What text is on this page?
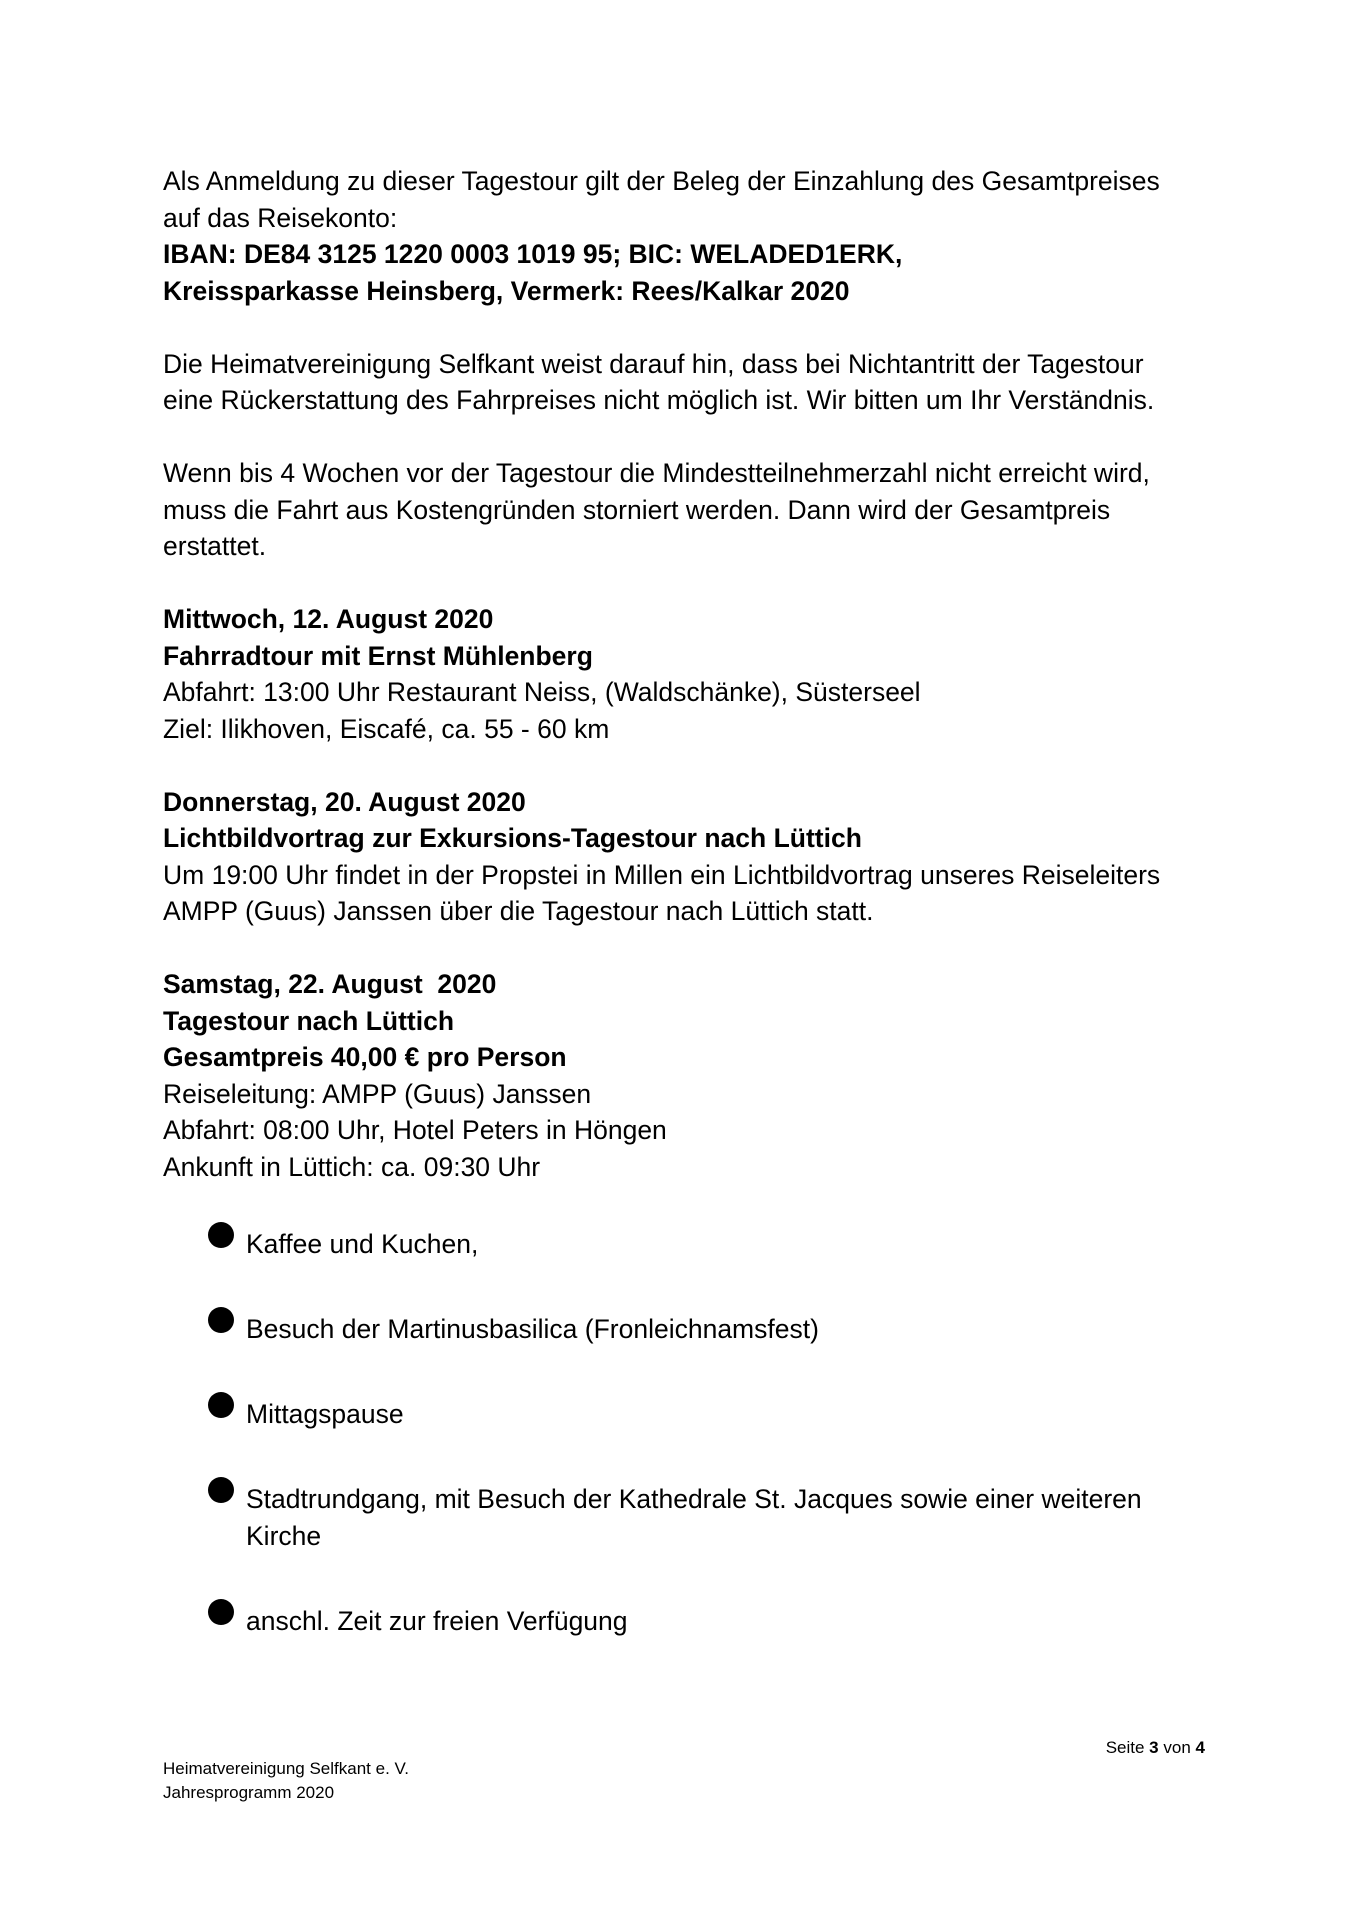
Als Anmeldung zu dieser Tagestour gilt der Beleg der Einzahlung des Gesamtpreises

auf das Reisekonto:

IBAN: DE84 3125 1220 0003 1019 95; BIC: WELADED1ERK,

Kreissparkasse Heinsberg, Vermerk: Rees/Kalkar 2020

Die Heimatvereinigung Selfkant weist darauf hin, dass bei Nichtantritt der Tagestour

eine Rückerstattung des Fahrpreises nicht möglich ist. Wir bitten um Ihr Verständnis.

Wenn bis 4 Wochen vor der Tagestour die Mindestteilnehmerzahl nicht erreicht wird,

muss die Fahrt aus Kostengründen storniert werden. Dann wird der Gesamtpreis

erstattet.

Mittwoch, 12. August 2020

Fahrradtour mit Ernst Mühlenberg

Abfahrt: 13:00 Uhr Restaurant Neiss, (Waldschänke), Süsterseel

Ziel: Ilikhoven, Eiscafé, ca. 55 - 60 km

Donnerstag, 20. August 2020

Lichtbildvortrag zur Exkursions-Tagestour nach Lüttich

Um 19:00 Uhr findet in der Propstei in Millen ein Lichtbildvortrag unseres Reiseleiters

AMPP (Guus) Janssen über die Tagestour nach Lüttich statt.

Samstag, 22. August  2020

Tagestour nach Lüttich

Gesamtpreis 40,00 € pro Person

Reiseleitung: AMPP (Guus) Janssen

Abfahrt: 08:00 Uhr, Hotel Peters in Höngen

Ankunft in Lüttich: ca. 09:30 Uhr

Kaffee und Kuchen,
Besuch der Martinusbasilica (Fronleichnamsfest)
Mittagspause
Stadtrundgang, mit Besuch der Kathedrale St. Jacques sowie einer weiteren Kirche
anschl. Zeit zur freien Verfügung
Seite 3 von 4
Heimatvereinigung Selfkant e. V.
Jahresprogramm 2020
